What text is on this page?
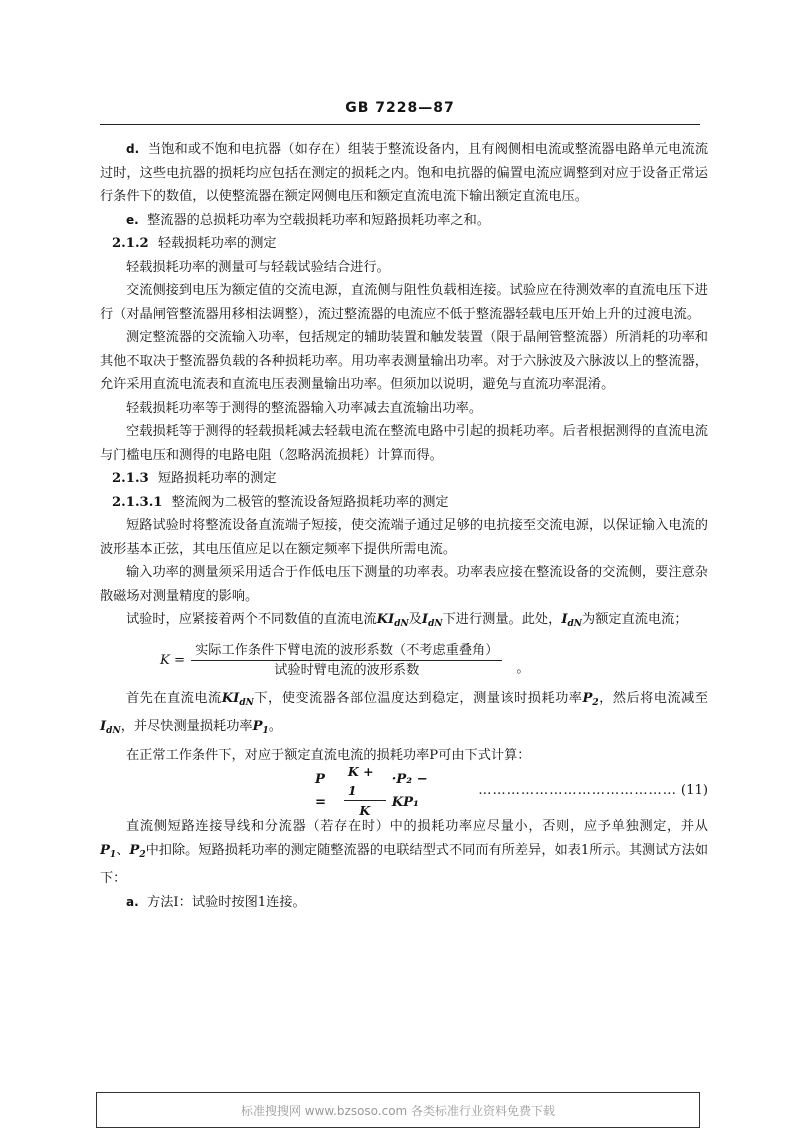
GB 7228—87

d. 当饱和或不饱和电抗器（如存在）组装于整流设备内，且有阀侧相电流或整流器电路单元电流流过时，这些电抗器的损耗均应包括在测定的损耗之内。饱和电抗器的偏置电流应调整到对应于设备正常运行条件下的数值，以使整流器在额定网侧电压和额定直流电流下输出额定直流电压。

e. 整流器的总损耗功率为空载损耗功率和短路损耗功率之和。

2.1.2 轻载损耗功率的测定

轻载损耗功率的测量可与轻载试验结合进行。

交流侧接到电压为额定值的交流电源，直流侧与阻性负载相连接。试验应在待测效率的直流电压下进行（对晶闸管整流器用移相法调整），流过整流器的电流应不低于整流器轻载电压开始上升的过渡电流。

测定整流器的交流输入功率，包括规定的辅助装置和触发装置（限于晶闸管整流器）所消耗的功率和其他不取决于整流器负载的各种损耗功率。用功率表测量输出功率。对于六脉波及六脉波以上的整流器，允许采用直流电流表和直流电压表测量输出功率。但须加以说明，避免与直流功率混淆。

轻载损耗功率等于测得的整流器输入功率减去直流输出功率。

空载损耗等于测得的轻载损耗减去轻载电流在整流电路中引起的损耗功率。后者根据测得的直流电流与门槛电压和测得的电路电阻（忽略涡流损耗）计算而得。

2.1.3 短路损耗功率的测定

2.1.3.1 整流阀为二极管的整流设备短路损耗功率的测定

短路试验时将整流设备直流端子短接，使交流端子通过足够的电抗接至交流电源，以保证输入电流的波形基本正弦，其电压值应足以在额定频率下提供所需电流。

输入功率的测量须采用适合于作低电压下测量的功率表。功率表应接在整流设备的交流侧，要注意杂散磁场对测量精度的影响。

试验时，应紧接着两个不同数值的直流电流$KI_{dN}$及$I_{dN}$下进行测量。此处，$I_{dN}$为额定直流电流；

$K = \frac{\text{实际工作条件下臂电流的波形系数（不考虑重叠角）}}{\text{试验时臂电流的波形系数}}$ 。

首先在直流电流$KI_{dN}$下，使变流器各部位温度达到稳定，测量该时损耗功率$P_2$，然后将电流减至$I_{dN}$，并尽快测量损耗功率$P_1$。

在正常工作条件下，对应于额定直流电流的损耗功率P可由下式计算：

P =	$\frac{K + 1}{K} \cdot P_2 - KP_1$
…………………………………… (11)

直流侧短路连接导线和分流器（若存在时）中的损耗功率应尽量小，否则，应予单独测定，并从$P_1$、$P_2$中扣除。短路损耗功率的测定随整流器的电联结型式不同而有所差异，如表1所示。其测试方法如下：

a. 方法Ⅰ：试验时按图1连接。

标准搜搜网 www.bzsoso.com 各类标准行业资料免费下载
